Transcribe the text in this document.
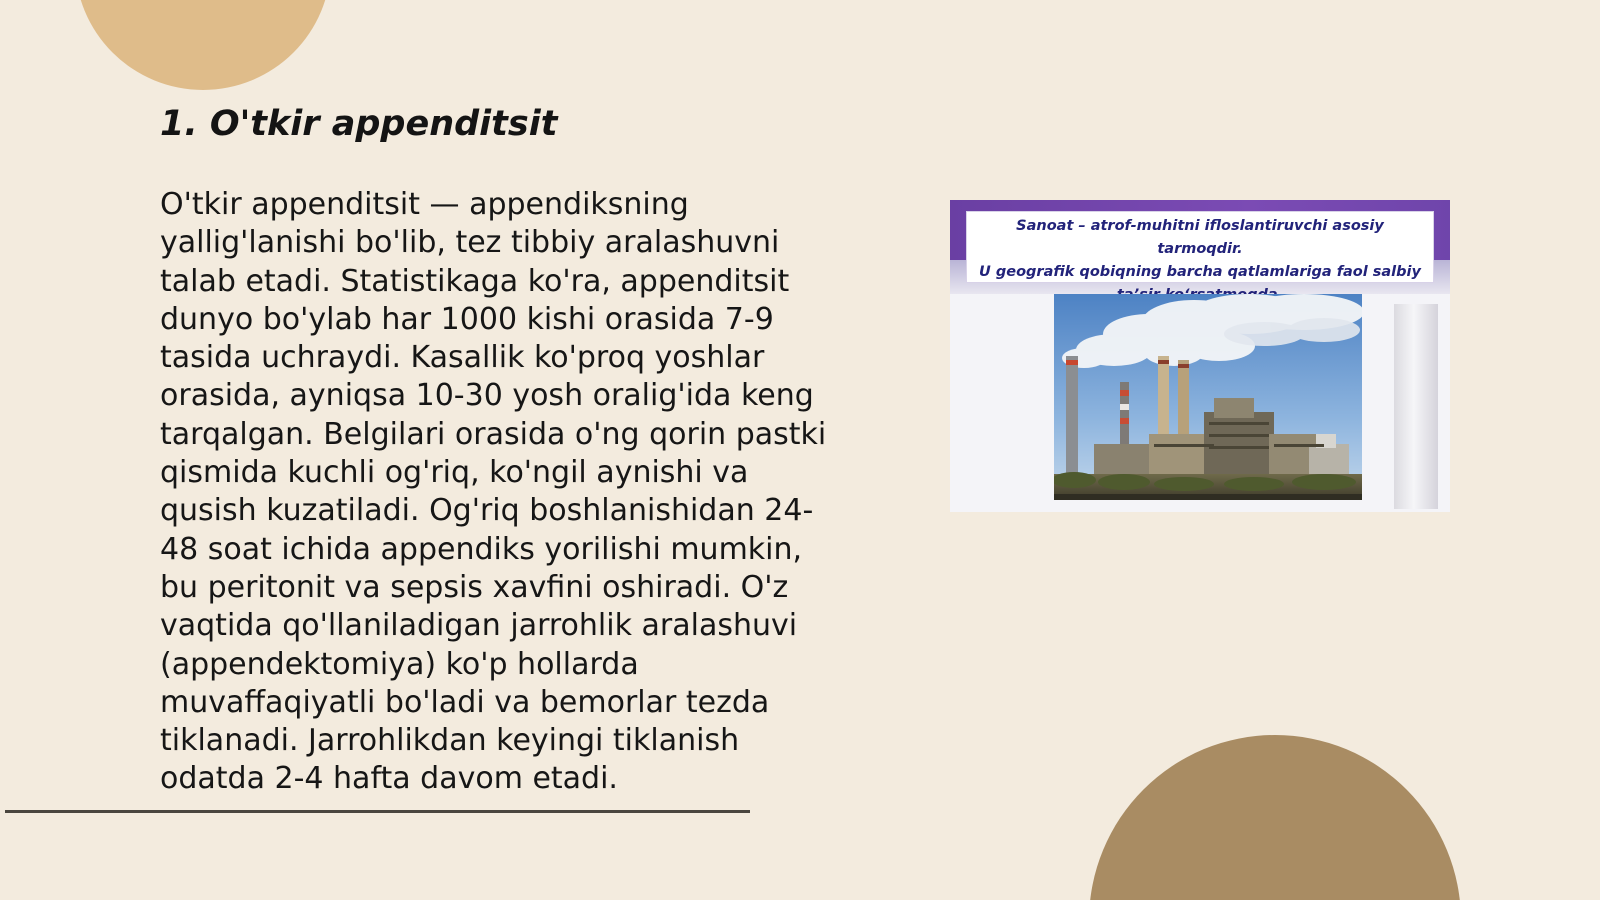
1. O'tkir appenditsit

O'tkir appenditsit — appendiksning
yallig'lanishi bo'lib, tez tibbiy aralashuvni
talab etadi. Statistikaga ko'ra, appenditsit
dunyo bo'ylab har 1000 kishi orasida 7-9
tasida uchraydi. Kasallik ko'proq yoshlar
orasida, ayniqsa 10-30 yosh oralig'ida keng
tarqalgan. Belgilari orasida o'ng qorin pastki
qismida kuchli og'riq, ko'ngil aynishi va
qusish kuzatiladi. Og'riq boshlanishidan 24-
48 soat ichida appendiks yorilishi mumkin,
bu peritonit va sepsis xavfini oshiradi. O'z
vaqtida qo'llaniladigan jarrohlik aralashuvi
(appendektomiya) ko'p hollarda
muvaffaqiyatli bo'ladi va bemorlar tezda
tiklanadi. Jarrohlikdan keyingi tiklanish
odatda 2-4 hafta davom etadi.

Sanoat – atrof-muhitni ifloslantiruvchi asosiy tarmoqdir.
U geografik qobiqning barcha qatlamlariga faol salbiy
